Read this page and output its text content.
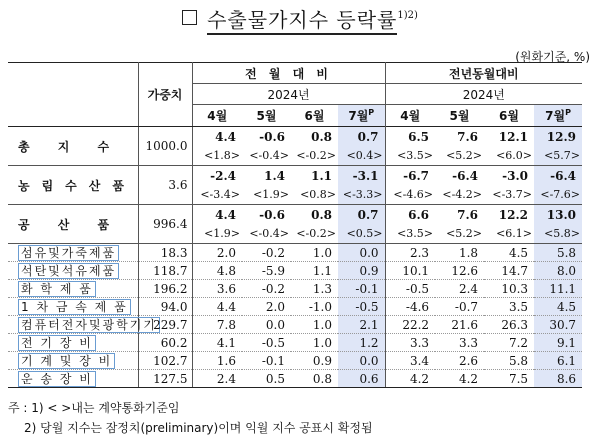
수출물가지수 등락률$^{1)2)}$
(원화기준, %)
	가중치	전 월 대 비				전년동월대비			
		2024년				2024년			
		4월	5월	6월	7월$^P$	4월	5월	6월	7월$^P$
총 지 수	1000.0	4.4	-0.6	0.8	0.7	6.5	7.6	12.1	12.9
		<1.8>	<-0.4>	<-0.2>	<0.4>	<3.5>	<5.2>	<6.0>	<5.7>
농림수산품	3.6	-2.4	1.4	1.1	-3.1	-6.7	-6.4	-3.0	-6.4
		<-3.4>	<1.9>	<0.8>	<-3.3>	<-4.6>	<-4.2>	<-3.7>	<-7.6>
공 산 품	996.4	4.4	-0.6	0.8	0.7	6.6	7.6	12.2	13.0
		<1.9>	<-0.4>	<-0.2>	<0.5>	<3.5>	<5.2>	<6.1>	<5.8>
섬유및가죽제품	18.3	2.0	-0.2	1.0	0.0	2.3	1.8	4.5	5.8
석탄및석유제품	118.7	4.8	-5.9	1.1	0.9	10.1	12.6	14.7	8.0
화 학 제 품	196.2	3.6	-0.2	1.3	-0.1	-0.5	2.4	10.3	11.1
1 차 금 속 제 품	94.0	4.4	2.0	-1.0	-0.5	-4.6	-0.7	3.5	4.5
컴퓨터전자및광학기기	229.7	7.8	0.0	1.0	2.1	22.2	21.6	26.3	30.7
전 기 장 비	60.2	4.1	-0.5	1.0	1.2	3.3	3.3	7.2	9.1
기 계 및 장 비	102.7	1.6	-0.1	0.9	0.0	3.4	2.6	5.8	6.1
운 송 장 비	127.5	2.4	0.5	0.8	0.6	4.2	4.2	7.5	8.6
주 : 1) < >내는 계약통화기준임
2) 당월 지수는 잠정치(preliminary)이며 익월 지수 공표시 확정됨
